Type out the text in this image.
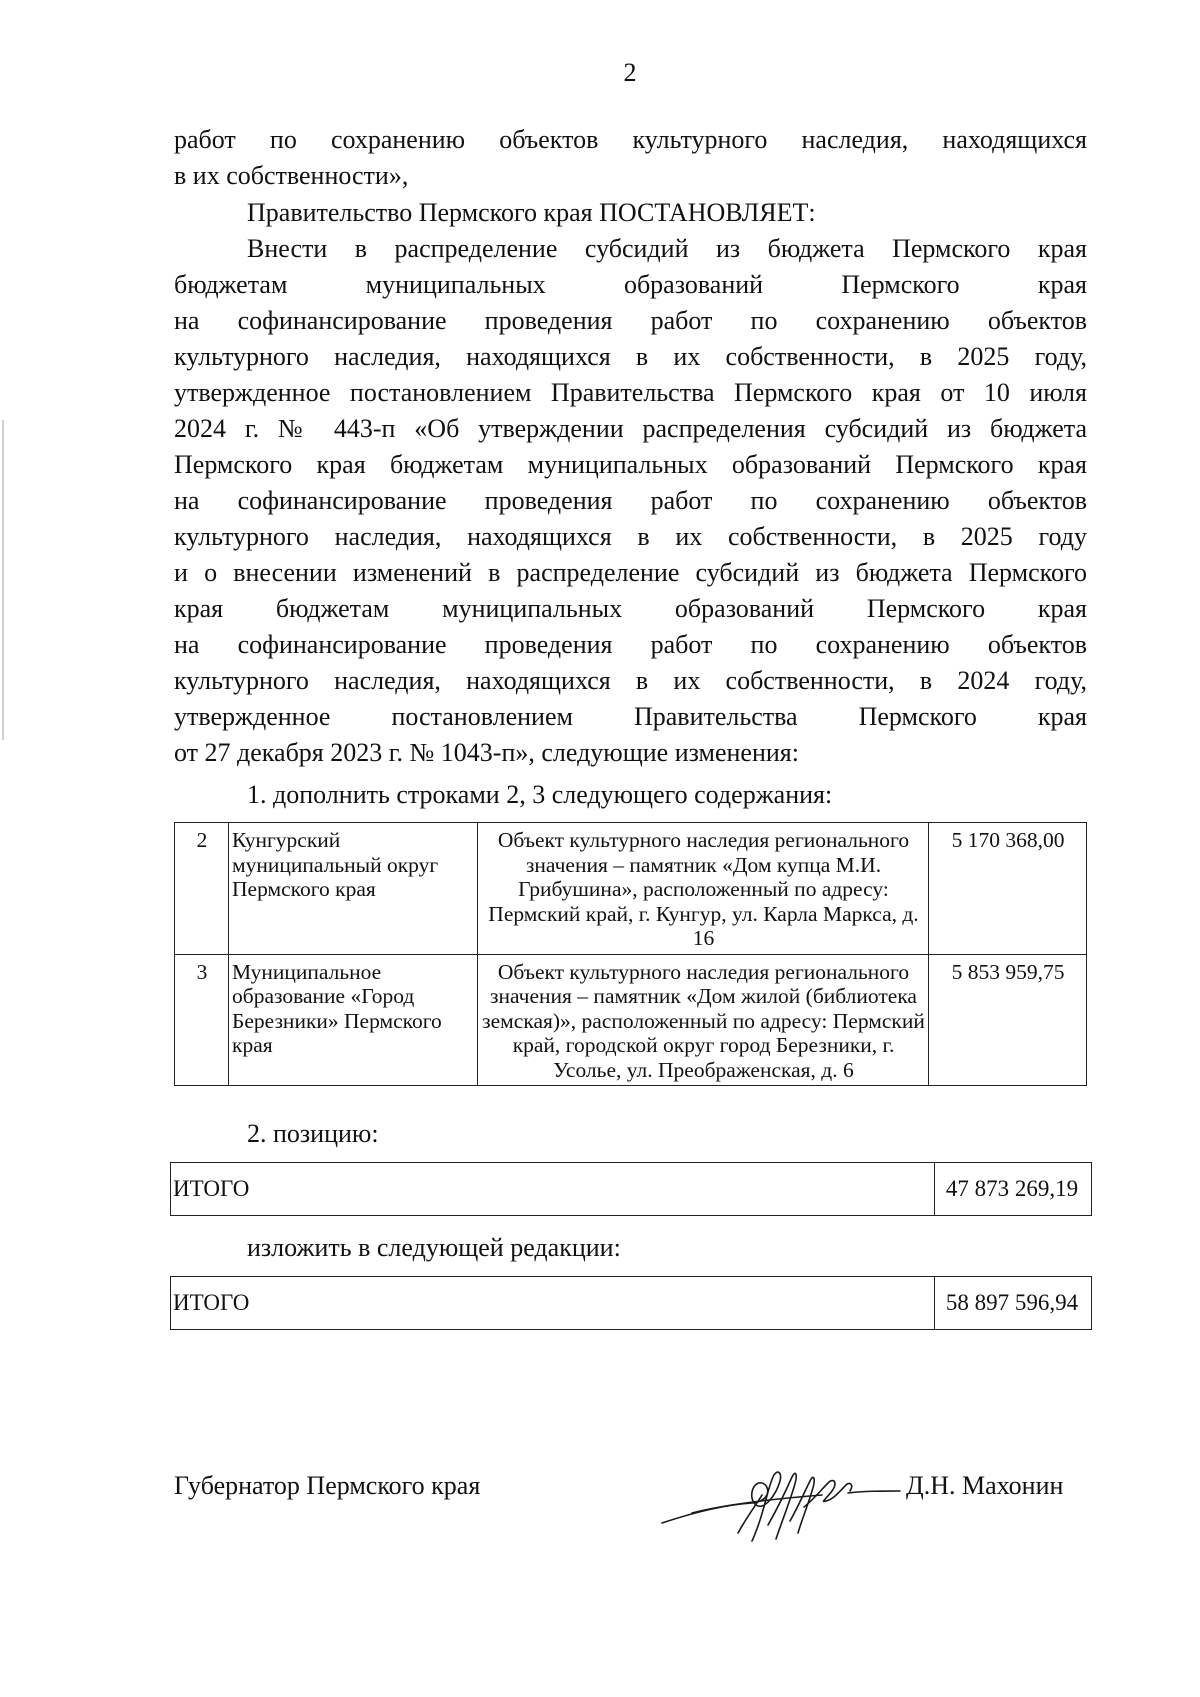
2
работ по сохранению объектов культурного наследия, находящихся
в их собственности»,
Правительство Пермского края ПОСТАНОВЛЯЕТ:
Внести в распределение субсидий из бюджета Пермского края
бюджетам муниципальных образований Пермского края
на софинансирование проведения работ по сохранению объектов
культурного наследия, находящихся в их собственности, в 2025 году,
утвержденное постановлением Правительства Пермского края от 10 июля
2024 г. № 443-п «Об утверждении распределения субсидий из бюджета
Пермского края бюджетам муниципальных образований Пермского края
на софинансирование проведения работ по сохранению объектов
культурного наследия, находящихся в их собственности, в 2025 году
и о внесении изменений в распределение субсидий из бюджета Пермского
края бюджетам муниципальных образований Пермского края
на софинансирование проведения работ по сохранению объектов
культурного наследия, находящихся в их собственности, в 2024 году,
утвержденное постановлением Правительства Пермского края
от 27 декабря 2023 г. № 1043-п», следующие изменения:
1. дополнить строками 2, 3 следующего содержания:
2	Кунгурский муниципальный округ Пермского края	Объект культурного наследия регионального значения – памятник «Дом купца М.И. Грибушина», расположенный по адресу: Пермский край, г. Кунгур, ул. Карла Маркса, д. 16	5 170 368,00
3	Муниципальное образование «Город Березники» Пермского края	Объект культурного наследия регионального значения – памятник «Дом жилой (библиотека земская)», расположенный по адресу: Пермский край, городской округ город Березники, г. Усолье, ул. Преображенская, д. 6	5 853 959,75
2. позицию:
ИТОГО	47 873 269,19
изложить в следующей редакции:
ИТОГО	58 897 596,94
Губернатор Пермского края	Д.Н. Махонин
